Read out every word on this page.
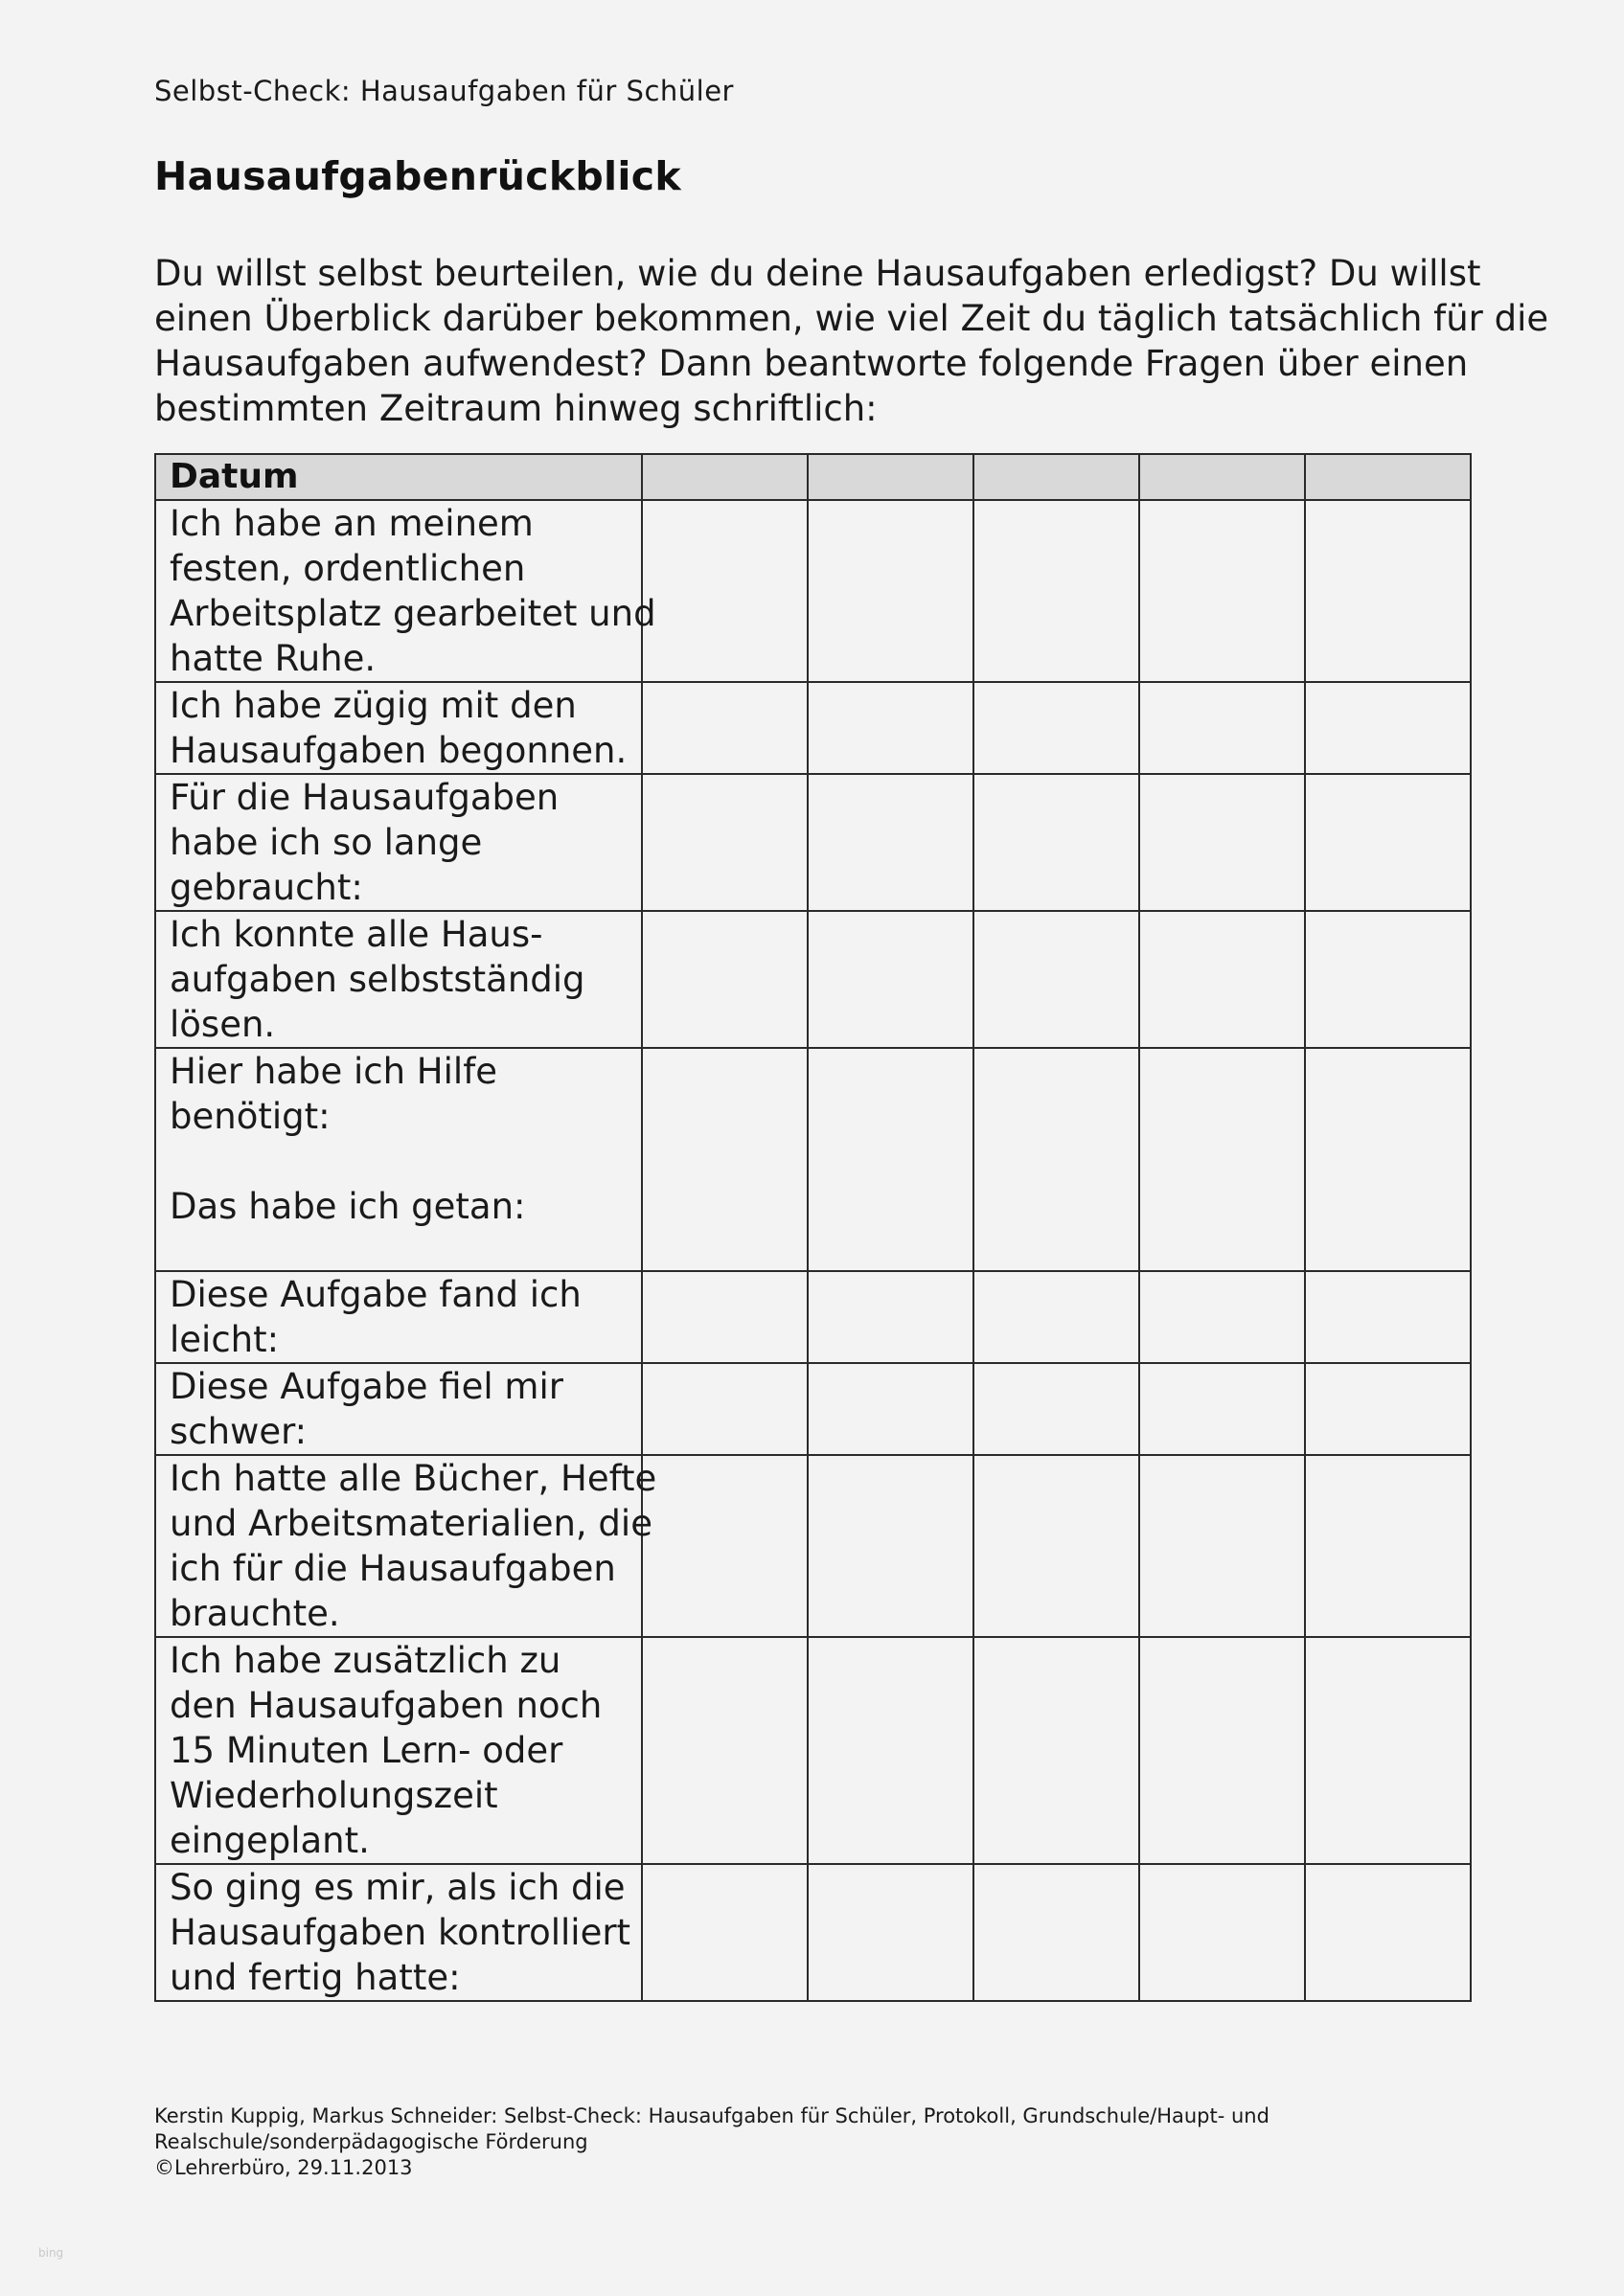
Selbst-Check: Hausaufgaben für Schüler
Hausaufgabenrückblick
Du willst selbst beurteilen, wie du deine Hausaufgaben erledigst? Du willst
einen Überblick darüber bekommen, wie viel Zeit du täglich tatsächlich für die
Hausaufgaben aufwendest? Dann beantworte folgende Fragen über einen
bestimmten Zeitraum hinweg schriftlich:
Datum					

Ich habe an meinem
festen, ordentlichen
Arbeitsplatz gearbeitet und
hatte Ruhe.					

Ich habe zügig mit den
Hausaufgaben begonnen.					

Für die Hausaufgaben
habe ich so lange
gebraucht:					

Ich konnte alle Haus-
aufgaben selbstständig
lösen.					

Hier habe ich Hilfe
benötigt:
Das habe ich getan:					

Diese Aufgabe fand ich
leicht:					

Diese Aufgabe fiel mir
schwer:					

Ich hatte alle Bücher, Hefte
und Arbeitsmaterialien, die
ich für die Hausaufgaben
brauchte.					

Ich habe zusätzlich zu
den Hausaufgaben noch
15 Minuten Lern- oder
Wiederholungszeit
eingeplant.					

So ging es mir, als ich die
Hausaufgaben kontrolliert
und fertig hatte:					

Kerstin Kuppig, Markus Schneider: Selbst-Check: Hausaufgaben für Schüler, Protokoll, Grundschule/Haupt- und
Realschule/sonderpädagogische Förderung
©Lehrerbüro, 29.11.2013
bing
